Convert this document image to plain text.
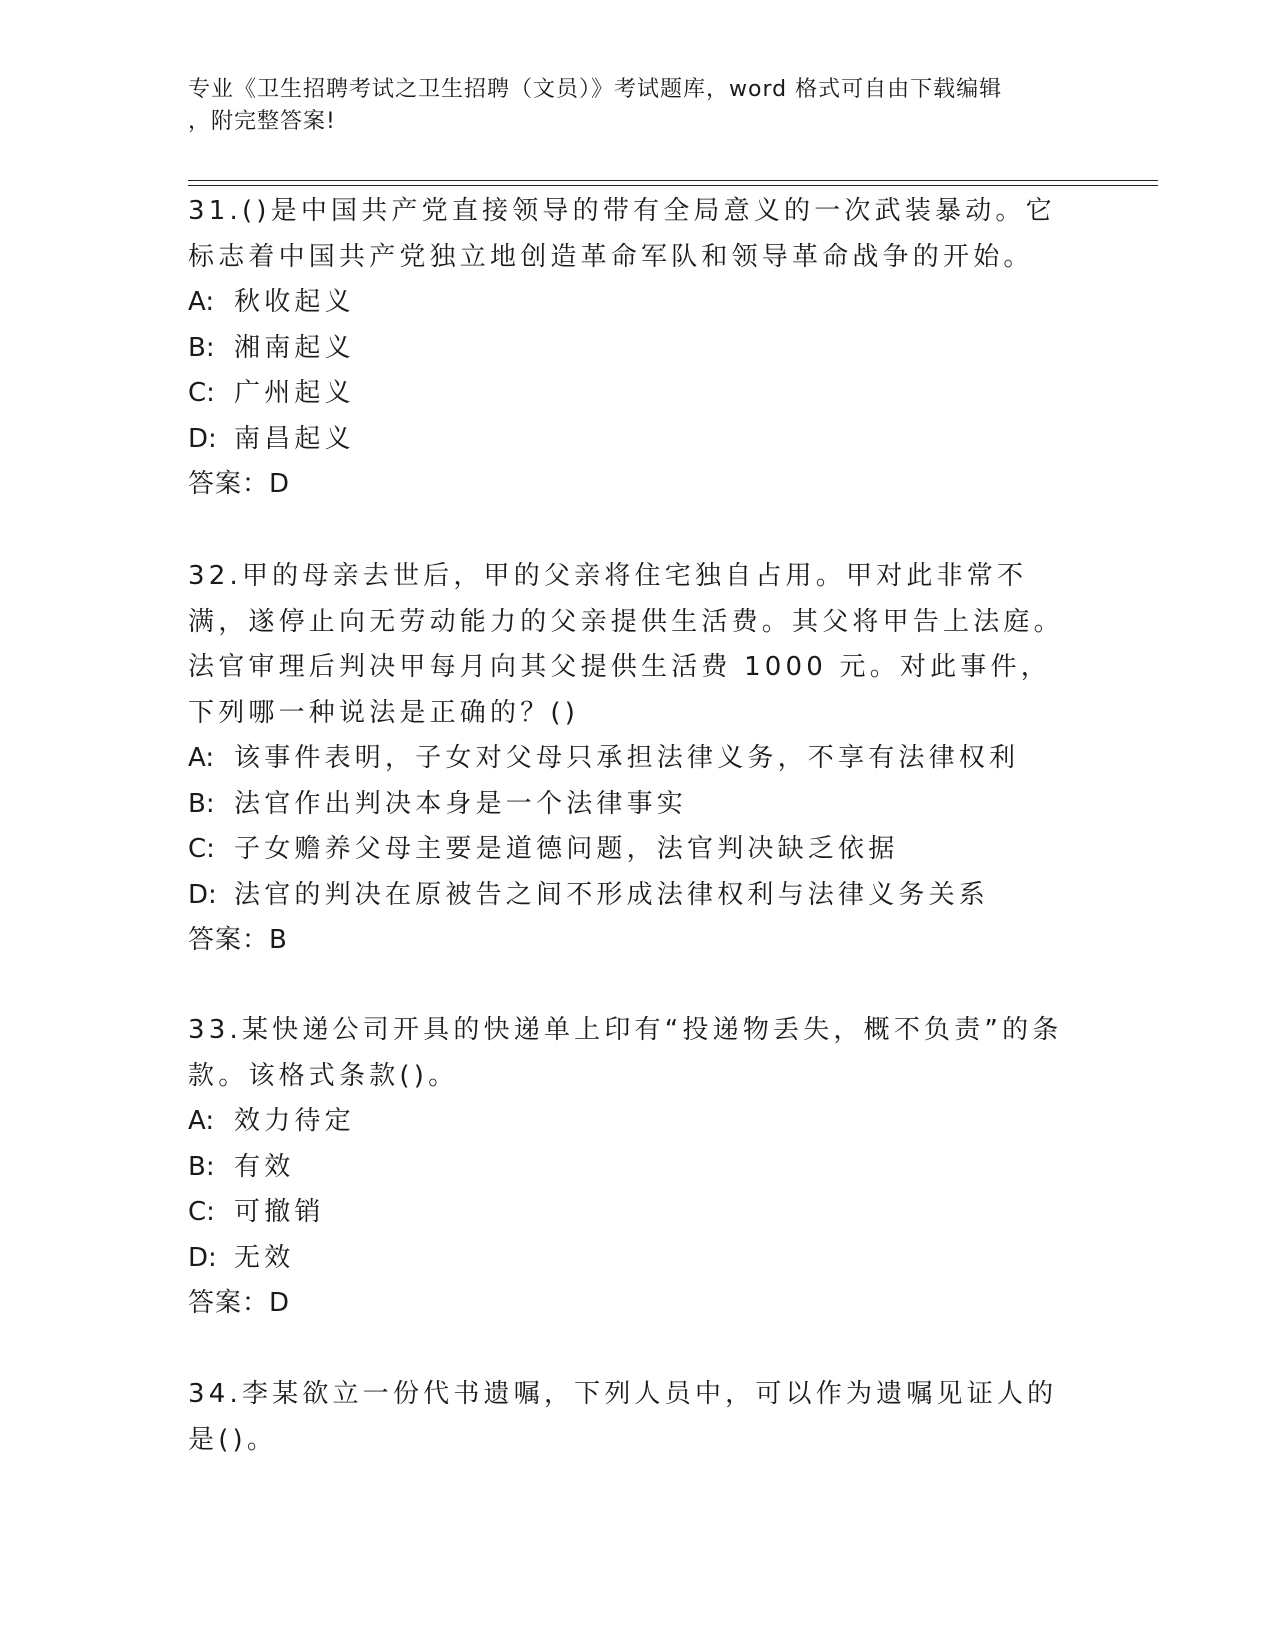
专业《卫生招聘考试之卫生招聘（文员）》考试题库，word 格式可自由下载编辑
，附完整答案!

31.()是中国共产党直接领导的带有全局意义的一次武装暴动。它标志着中国共产党独立地创造革命军队和领导革命战争的开始。

A: 秋收起义

B: 湘南起义

C: 广州起义

D: 南昌起义

答案：D

32.甲的母亲去世后，甲的父亲将住宅独自占用。甲对此非常不满，遂停止向无劳动能力的父亲提供生活费。其父将甲告上法庭。法官审理后判决甲每月向其父提供生活费 1000 元。对此事件，下列哪一种说法是正确的？()

A: 该事件表明，子女对父母只承担法律义务，不享有法律权利

B: 法官作出判决本身是一个法律事实

C: 子女赡养父母主要是道德问题，法官判决缺乏依据

D: 法官的判决在原被告之间不形成法律权利与法律义务关系

答案：B

33.某快递公司开具的快递单上印有“投递物丢失，概不负责”的条款。该格式条款()。

A: 效力待定

B: 有效

C: 可撤销

D: 无效

答案：D

34.李某欲立一份代书遗嘱，下列人员中，可以作为遗嘱见证人的是()。
